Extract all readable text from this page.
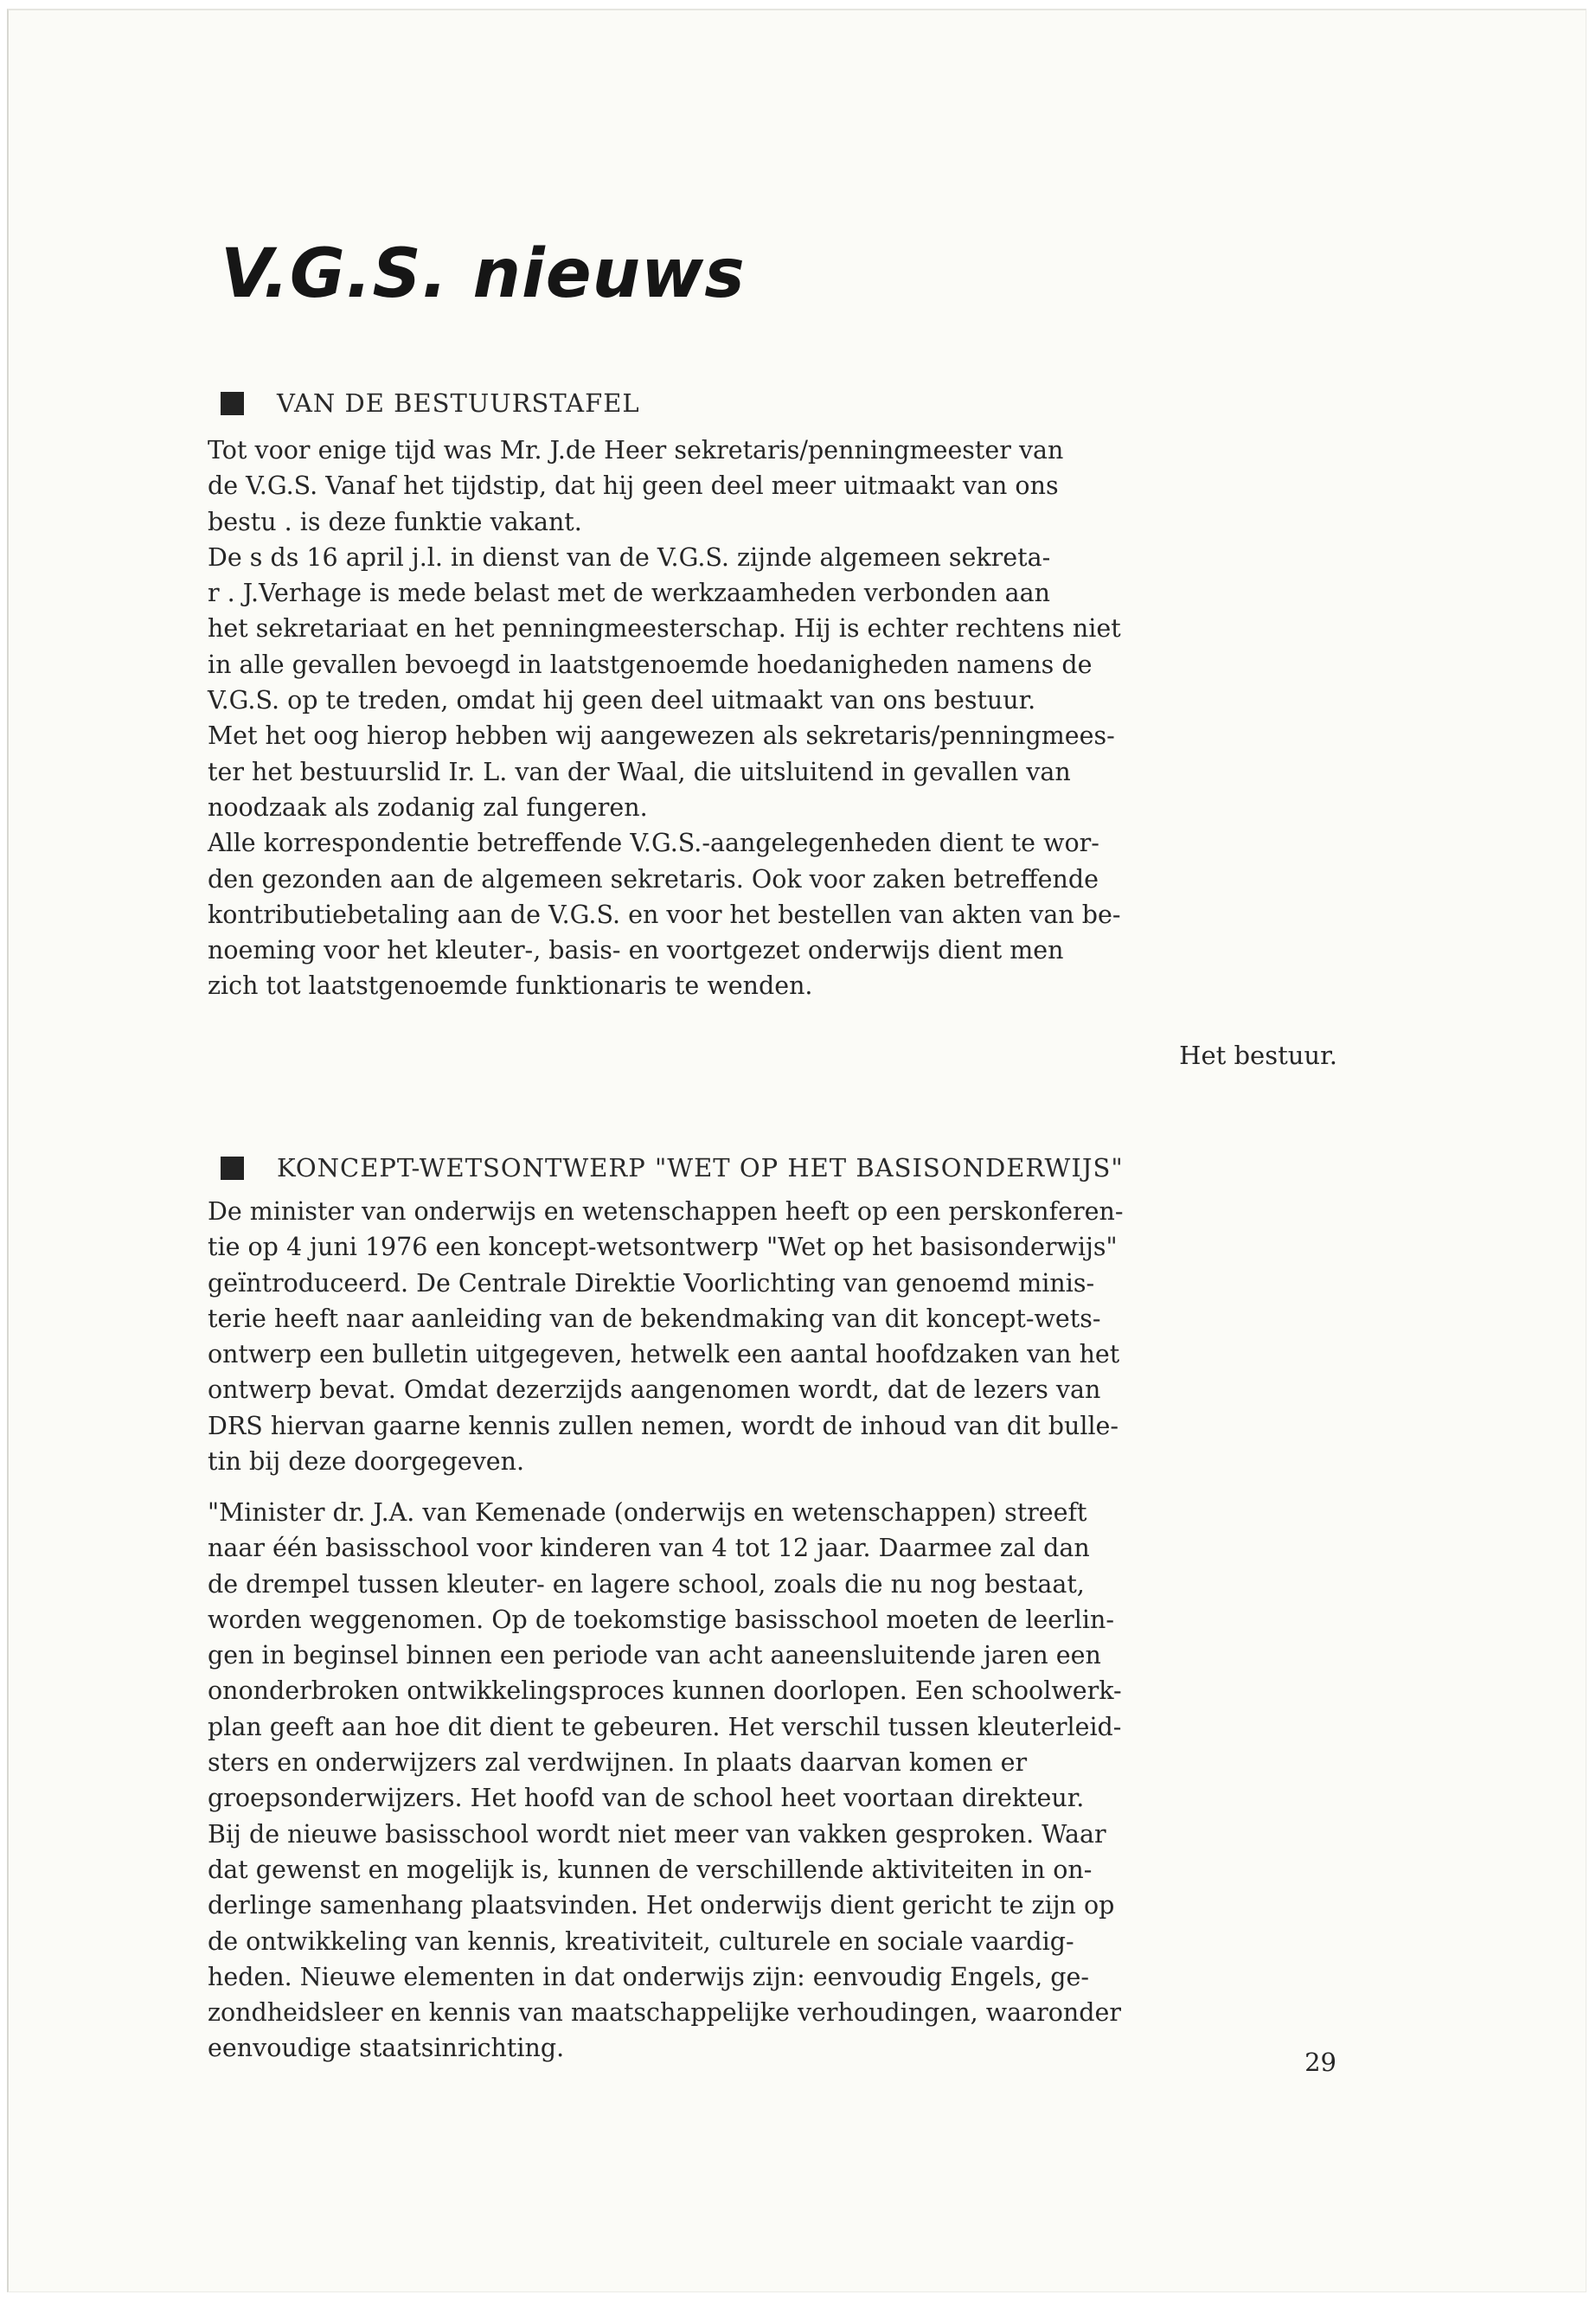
V.G.S. nieuws
VAN DE BESTUURSTAFEL

Tot voor enige tijd was Mr. J.de Heer sekretaris/penningmeester van
de V.G.S. Vanaf het tijdstip, dat hij geen deel meer uitmaakt van ons
bestu . is deze funktie vakant.
De s ds 16 april j.l. in dienst van de V.G.S. zijnde algemeen sekreta-
r . J.Verhage is mede belast met de werkzaamheden verbonden aan
het sekretariaat en het penningmeesterschap. Hij is echter rechtens niet
in alle gevallen bevoegd in laatstgenoemde hoedanigheden namens de
V.G.S. op te treden, omdat hij geen deel uitmaakt van ons bestuur.
Met het oog hierop hebben wij aangewezen als sekretaris/penningmees-
ter het bestuurslid Ir. L. van der Waal, die uitsluitend in gevallen van
noodzaak als zodanig zal fungeren.
Alle korrespondentie betreffende V.G.S.-aangelegenheden dient te wor-
den gezonden aan de algemeen sekretaris. Ook voor zaken betreffende
kontributiebetaling aan de V.G.S. en voor het bestellen van akten van be-
noeming voor het kleuter-, basis- en voortgezet onderwijs dient men
zich tot laatstgenoemde funktionaris te wenden.

Het bestuur.
KONCEPT-WETSONTWERP "WET OP HET BASISONDERWIJS"

De minister van onderwijs en wetenschappen heeft op een perskonferen-
tie op 4 juni 1976 een koncept-wetsontwerp "Wet op het basisonderwijs"
geïntroduceerd. De Centrale Direktie Voorlichting van genoemd minis-
terie heeft naar aanleiding van de bekendmaking van dit koncept-wets-
ontwerp een bulletin uitgegeven, hetwelk een aantal hoofdzaken van het
ontwerp bevat. Omdat dezerzijds aangenomen wordt, dat de lezers van
DRS hiervan gaarne kennis zullen nemen, wordt de inhoud van dit bulle-
tin bij deze doorgegeven.

"Minister dr. J.A. van Kemenade (onderwijs en wetenschappen) streeft
naar één basisschool voor kinderen van 4 tot 12 jaar. Daarmee zal dan
de drempel tussen kleuter- en lagere school, zoals die nu nog bestaat,
worden weggenomen. Op de toekomstige basisschool moeten de leerlin-
gen in beginsel binnen een periode van acht aaneensluitende jaren een
ononderbroken ontwikkelingsproces kunnen doorlopen. Een schoolwerk-
plan geeft aan hoe dit dient te gebeuren. Het verschil tussen kleuterleid-
sters en onderwijzers zal verdwijnen. In plaats daarvan komen er
groepsonderwijzers. Het hoofd van de school heet voortaan direkteur.
Bij de nieuwe basisschool wordt niet meer van vakken gesproken. Waar
dat gewenst en mogelijk is, kunnen de verschillende aktiviteiten in on-
derlinge samenhang plaatsvinden. Het onderwijs dient gericht te zijn op
de ontwikkeling van kennis, kreativiteit, culturele en sociale vaardig-
heden. Nieuwe elementen in dat onderwijs zijn: eenvoudig Engels, ge-
zondheidsleer en kennis van maatschappelijke verhoudingen, waaronder
eenvoudige staatsinrichting.	29
